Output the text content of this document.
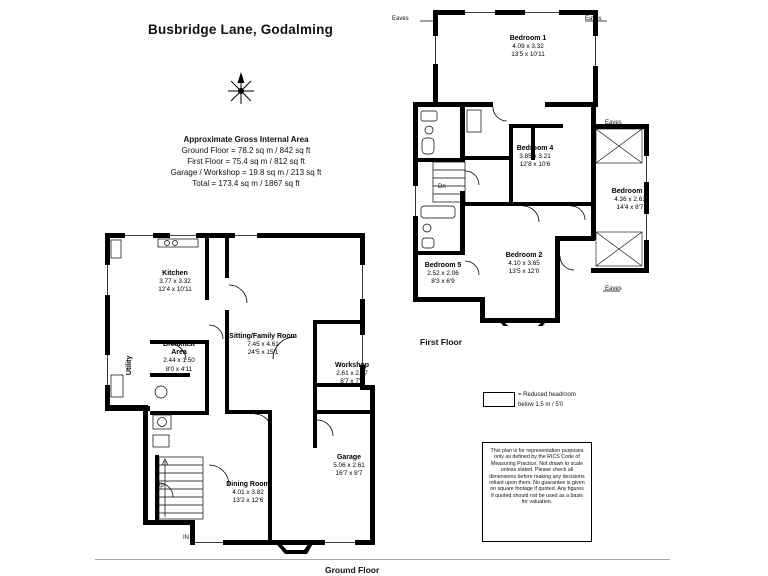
Busbridge Lane, Godalming
Approximate Gross Internal Area
Ground Floor = 78.2 sq m / 842 sq ft
First Floor = 75.4 sq m / 812 sq ft
Garage / Workshop = 19.8 sq m / 213 sq ft
Total = 173.4 sq m / 1867 sq ft
Kitchen
3.77 x 3.32
12'4 x 10'11
Breakfast
Area
2.44 x 1.50
8'0 x 4'11
Utility
Sitting/Family Room
7.45 x 4.61
24'5 x 15'1
Workshop
2.61 x 2.27
8'7 x 7'5
Dining Room
4.01 x 3.82
13'2 x 12'6
Garage
5.06 x 2.61
16'7 x 8'7
Up
IN
Ground Floor
Bedroom 1
4.09 x 3.32
13'5 x 10'11
Bedroom 4
3.85 x 3.21
12'8 x 10'6
Bedroom 3
4.36 x 2.61
14'4 x 8'7
Bedroom 2
4.10 x 3.65
13'5 x 12'0
Bedroom 5
2.52 x 2.06
8'3 x 6'9
Eaves	Eaves
Eaves
Eaves
Dn
First Floor
= Reduced headroom
below 1.5 m / 5'0
This plan is for representation purposes only as defined by the RICS Code of Measuring Practice. Not drawn to scale unless stated. Please check all dimensions before making any decisions reliant upon them. No guarantee is given on square footage if quoted. Any figures if quoted should not be used as a basis for valuation.
